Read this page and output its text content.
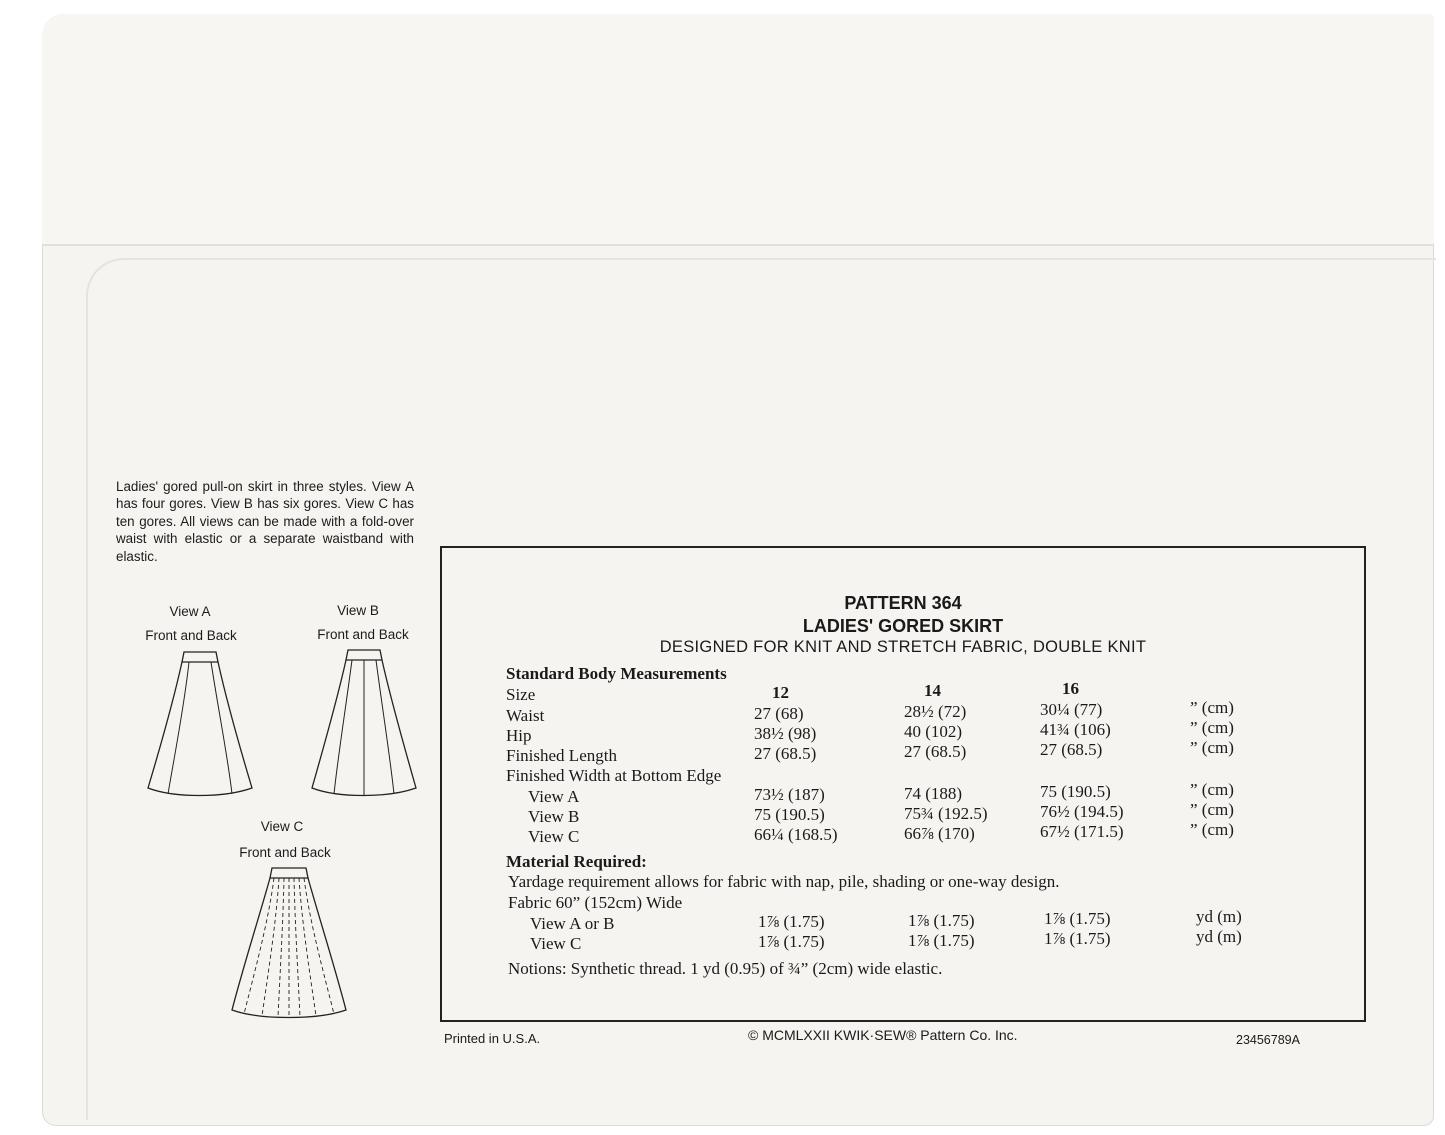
Ladies' gored pull-on skirt in three styles. View A has four gores. View B has six gores. View C has ten gores. All views can be made with a fold-over waist with elastic or a separate waistband with elastic.
View A
Front and Back
View B
Front and Back
View C
Front and Back
PATTERN 364
LADIES' GORED SKIRT
DESIGNED FOR KNIT AND STRETCH FABRIC, DOUBLE KNIT
Standard Body Measurements
Size	12	14	16
Waist	27 (68)	28½ (72)	30¼ (77)	” (cm)
Hip	38½ (98)	40 (102)	41¾ (106)	” (cm)
Finished Length	27 (68.5)	27 (68.5)	27 (68.5)	” (cm)
Finished Width at Bottom Edge
View A	73½ (187)	74 (188)	75 (190.5)	” (cm)
View B	75 (190.5)	75¾ (192.5)	76½ (194.5)	” (cm)
View C	66¼ (168.5)	66⅞ (170)	67½ (171.5)	” (cm)
Material Required:
Yardage requirement allows for fabric with nap, pile, shading or one-way design.
Fabric 60” (152cm) Wide
View A or B	1⅞ (1.75)	1⅞ (1.75)	1⅞ (1.75)	yd (m)
View C	1⅞ (1.75)	1⅞ (1.75)	1⅞ (1.75)	yd (m)
Notions: Synthetic thread. 1 yd (0.95) of ¾” (2cm) wide elastic.
Printed in U.S.A.	© MCMLXXII KWIK·SEW® Pattern Co. Inc.	23456789A
